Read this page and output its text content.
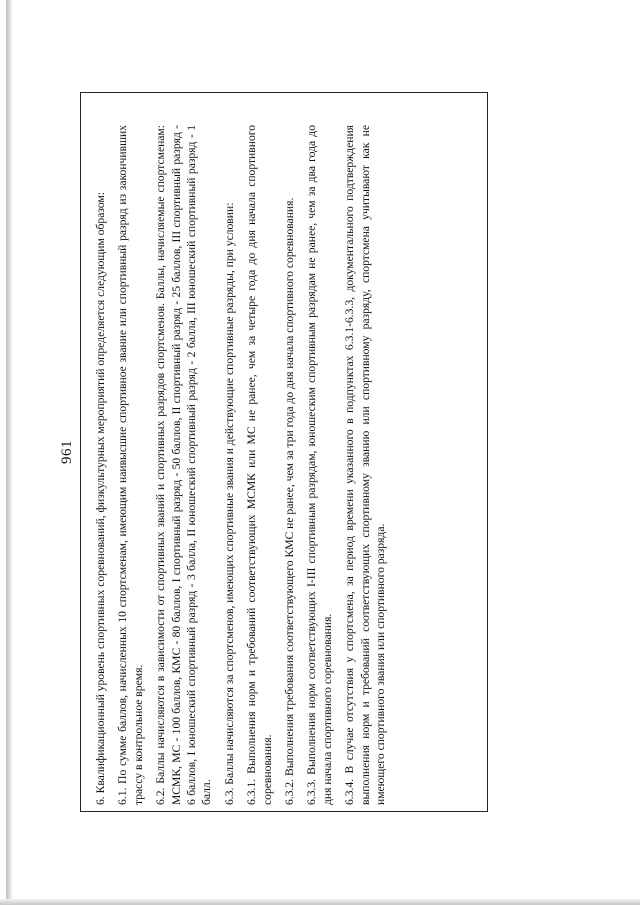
961 6. Квалификационный уровень спортивных соревнований, физкультурных мероприятий определяется следующим образом: 6.1. По сумме баллов, начисленных 10 спортсменам, имеющим наивысшие спортивное звание или спортивный разряд из закончивших трассу в контрольное время. 6.2. Баллы начисляются в зависимости от спортивных званий и спортивных разрядов спортсменов. Баллы, начисляемые спортсменам: МСМК, МС - 100 баллов, КМС - 80 баллов, I спортивный разряд - 50 баллов, II спортивный разряд - 25 баллов, III спортивный разряд - 6 баллов, I юношеский спортивный разряд - 3 балла, II юношеский спортивный разряд - 2 балла, III юношеский спортивный разряд - 1 балл. 6.3. Баллы начисляются за спортсменов, имеющих спортивные звания и действующие спортивные разряды, при условии: 6.3.1. Выполнения норм и требований соответствующих МСМК или МС не ранее, чем за четыре года до дня начала спортивного соревнования. 6.3.2. Выполнения требования соответствующего КМС не ранее, чем за три года до дня начала спортивного соревнования. 6.3.3. Выполнения норм соответствующих I-III спортивным разрядам, юношеским спортивным разрядам не ранее, чем за два года до дня начала спортивного соревнования. 6.3.4. В случае отсутствия у спортсмена, за период времени указанного в подпунктах 6.3.1-6.3.3, документального подтверждения выполнения норм и требований соответствующих спортивному званию или спортивному разряду, спортсмена учитывают как не имеющего спортивного звания или спортивного разряда.
